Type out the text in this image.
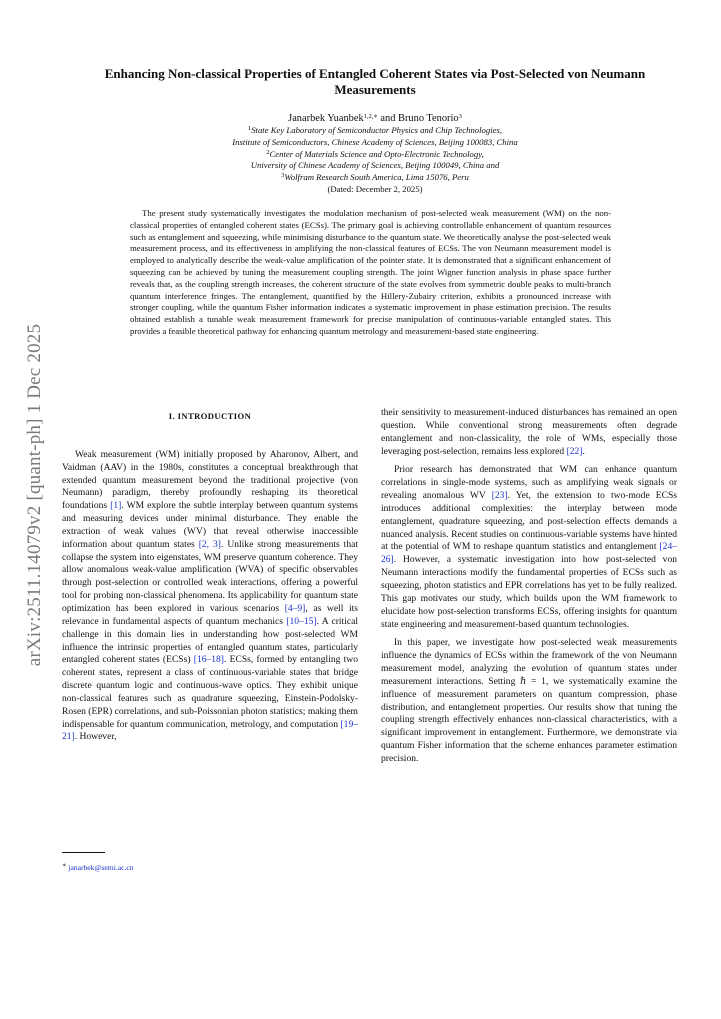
arXiv:2511.14079v2 [quant-ph] 1 Dec 2025
Enhancing Non-classical Properties of Entangled Coherent States via Post-Selected von Neumann Measurements
Janarbek Yuanbek$^{1,2,∗}$ and Bruno Tenorio$^3$
$^1$State Key Laboratory of Semiconductor Physics and Chip Technologies,
Institute of Semiconductors, Chinese Academy of Sciences, Beijing 100083, China
$^2$Center of Materials Science and Opto-Electronic Technology,
University of Chinese Academy of Sciences, Beijing 100049, China and
$^3$Wolfram Research South America, Lima 15076, Peru
(Dated: December 2, 2025)

The present study systematically investigates the modulation mechanism of post-selected weak measurement (WM) on the non-classical properties of entangled coherent states (ECSs). The primary goal is achieving controllable enhancement of quantum resources such as entanglement and squeezing, while minimising disturbance to the quantum state. We theoretically analyse the post-selected weak measurement process, and its effectiveness in amplifying the non-classical features of ECSs. The von Neumann measurement model is employed to analytically describe the weak-value amplification of the pointer state. It is demonstrated that a significant enhancement of squeezing can be achieved by tuning the measurement coupling strength. The joint Wigner function analysis in phase space further reveals that, as the coupling strength increases, the coherent structure of the state evolves from symmetric double peaks to multi-branch quantum interference fringes. The entanglement, quantified by the Hillery-Zubairy criterion, exhibits a pronounced increase with stronger coupling, while the quantum Fisher information indicates a systematic improvement in phase estimation precision. The results obtained establish a tunable weak measurement framework for precise manipulation of continuous-variable entangled states. This provides a feasible theoretical pathway for enhancing quantum metrology and measurement-based state engineering.

I. INTRODUCTION

Weak measurement (WM) initially proposed by Aharonov, Albert, and Vaidman (AAV) in the 1980s, constitutes a conceptual breakthrough that extended quantum measurement beyond the traditional projective (von Neumann) paradigm, thereby profoundly reshaping its theoretical foundations [1]. WM explore the subtle interplay between quantum systems and measuring devices under minimal disturbance. They enable the extraction of weak values (WV) that reveal otherwise inaccessible information about quantum states [2, 3]. Unlike strong measurements that collapse the system into eigenstates, WM preserve quantum coherence. They allow anomalous weak-value amplification (WVA) of specific observables through post-selection or controlled weak interactions, offering a powerful tool for probing non-classical phenomena. Its applicability for quantum state optimization has been explored in various scenarios [4–9], as well its relevance in fundamental aspects of quantum mechanics [10–15]. A critical challenge in this domain lies in understanding how post-selected WM influence the intrinsic properties of entangled quantum states, particularly entangled coherent states (ECSs) [16–18]. ECSs, formed by entangling two coherent states, represent a class of continuous-variable states that bridge discrete quantum logic and continuous-wave optics. They exhibit unique non-classical features such as quadrature squeezing, Einstein-Podolsky-Rosen (EPR) correlations, and sub-Poissonian photon statistics; making them indispensable for quantum communication, metrology, and computation [19–21]. However,

their sensitivity to measurement-induced disturbances has remained an open question. While conventional strong measurements often degrade entanglement and non-classicality, the role of WMs, especially those leveraging post-selection, remains less explored [22].

Prior research has demonstrated that WM can enhance quantum correlations in single-mode systems, such as amplifying weak signals or revealing anomalous WV [23]. Yet, the extension to two-mode ECSs introduces additional complexities: the interplay between mode entanglement, quadrature squeezing, and post-selection effects demands a nuanced analysis. Recent studies on continuous-variable systems have hinted at the potential of WM to reshape quantum statistics and entanglement [24–26]. However, a systematic investigation into how post-selected von Neumann interactions modify the fundamental properties of ECSs such as squeezing, photon statistics and EPR correlations has yet to be fully realized. This gap motivates our study, which builds upon the WM framework to elucidate how post-selection transforms ECSs, offering insights for quantum state engineering and measurement-based quantum technologies.

In this paper, we investigate how post-selected weak measurements influence the dynamics of ECSs within the framework of the von Neumann measurement model, analyzing the evolution of quantum states under measurement interactions. Setting ℏ = 1, we systematically examine the influence of measurement parameters on quantum compression, phase distribution, and entanglement properties. Our results show that tuning the coupling strength effectively enhances non-classical characteristics, with a significant improvement in entanglement. Furthermore, we demonstrate via quantum Fisher information that the scheme enhances parameter estimation precision.

∗ janarbek@semi.ac.cn
